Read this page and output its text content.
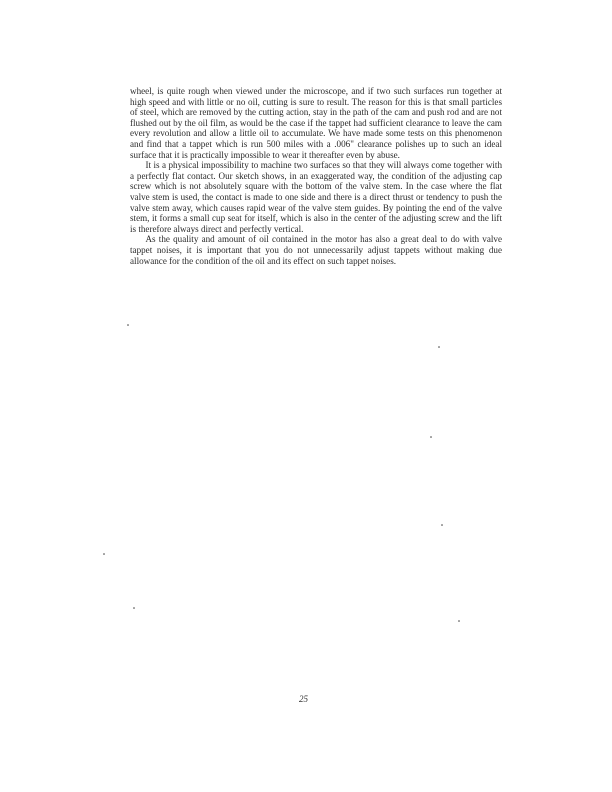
wheel, is quite rough when viewed under the microscope, and if two such surfaces run together at high speed and with little or no oil, cutting is sure to result. The reason for this is that small particles of steel, which are removed by the cutting action, stay in the path of the cam and push rod and are not flushed out by the oil film, as would be the case if the tappet had sufficient clearance to leave the cam every revolution and allow a little oil to accumulate. We have made some tests on this phenomenon and find that a tappet which is run 500 miles with a .006" clearance polishes up to such an ideal surface that it is practically impossible to wear it thereafter even by abuse.

It is a physical impossibility to machine two surfaces so that they will always come together with a perfectly flat contact. Our sketch shows, in an exaggerated way, the condition of the adjusting cap screw which is not absolutely square with the bottom of the valve stem. In the case where the flat valve stem is used, the contact is made to one side and there is a direct thrust or tendency to push the valve stem away, which causes rapid wear of the valve stem guides. By pointing the end of the valve stem, it forms a small cup seat for itself, which is also in the center of the adjusting screw and the lift is therefore always direct and perfectly vertical.

As the quality and amount of oil contained in the motor has also a great deal to do with valve tappet noises, it is important that you do not unnecessarily adjust tappets without making due allowance for the condition of the oil and its effect on such tappet noises.

25
